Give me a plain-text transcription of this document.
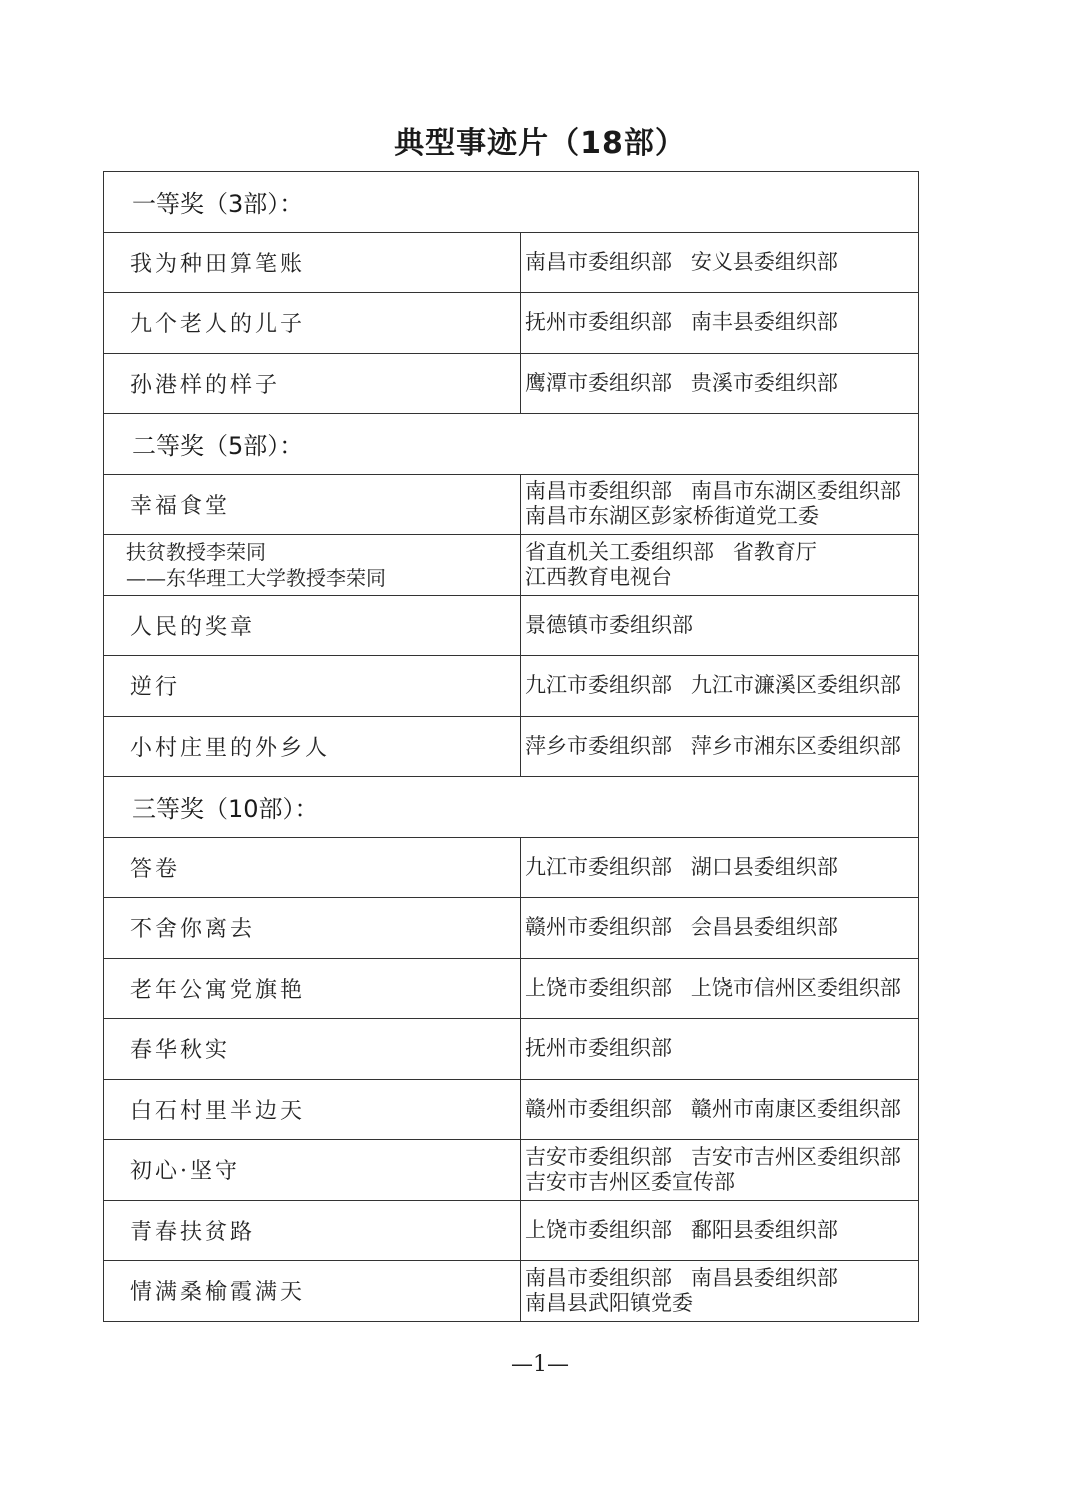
典型事迹片（18部）
一等奖（3部）：	

我为种田算笔账	南昌市委组织部 安义县委组织部

九个老人的儿子	抚州市委组织部 南丰县委组织部

孙港样的样子	鹰潭市委组织部 贵溪市委组织部

二等奖（5部）：	

幸福食堂	南昌市委组织部 南昌市东湖区委组织部
南昌市东湖区彭家桥街道党工委

扶贫教授李荣同
——东华理工大学教授李荣同	省直机关工委组织部 省教育厅
江西教育电视台

人民的奖章	景德镇市委组织部

逆行	九江市委组织部 九江市濂溪区委组织部

小村庄里的外乡人	萍乡市委组织部 萍乡市湘东区委组织部

三等奖（10部）：	

答卷	九江市委组织部 湖口县委组织部

不舍你离去	赣州市委组织部 会昌县委组织部

老年公寓党旗艳	上饶市委组织部 上饶市信州区委组织部

春华秋实	抚州市委组织部

白石村里半边天	赣州市委组织部 赣州市南康区委组织部

初心·坚守	吉安市委组织部 吉安市吉州区委组织部
吉安市吉州区委宣传部

青春扶贫路	上饶市委组织部 鄱阳县委组织部

情满桑榆霞满天	南昌市委组织部 南昌县委组织部
南昌县武阳镇党委
—1—
